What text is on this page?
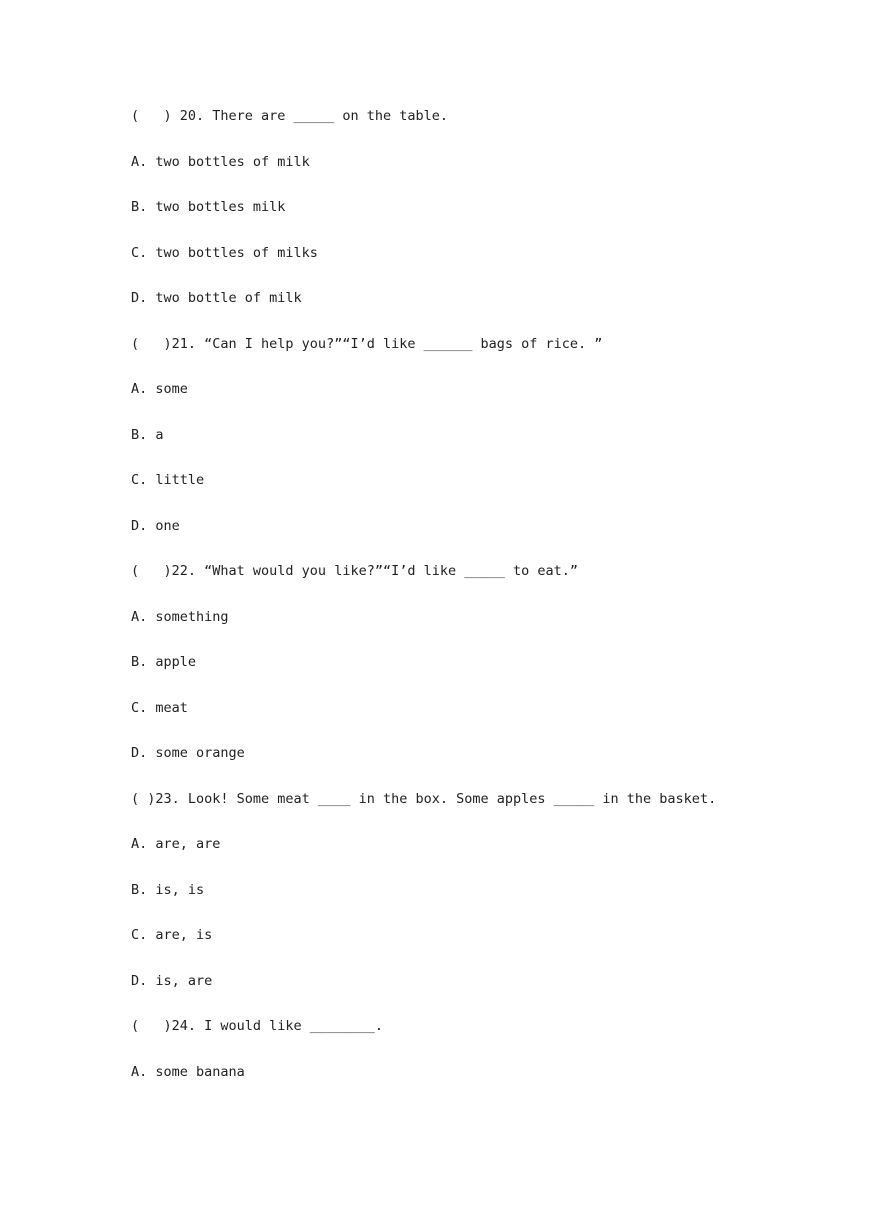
(   ) 20. There are _____ on the table.
A. two bottles of milk
B. two bottles milk
C. two bottles of milks
D. two bottle of milk
(   )21. “Can I help you?”“I’d like ______ bags of rice. ”
A. some
B. a
C. little
D. one
(   )22. “What would you like?”“I’d like _____ to eat.”
A. something
B. apple
C. meat
D. some orange
( )23. Look! Some meat ____ in the box. Some apples _____ in the basket.
A. are, are
B. is, is
C. are, is
D. is, are
(   )24. I would like ________.
A. some banana
